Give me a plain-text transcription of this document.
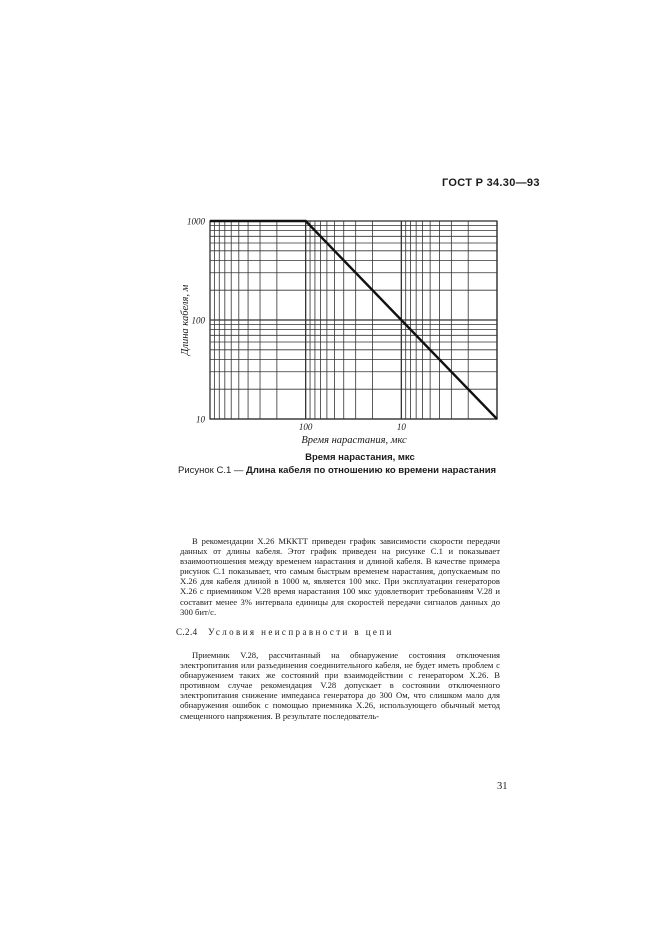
ГОСТ Р 34.30—93
1000
100
10
100	10
Время нарастания, мкс
Длина кабеля, м
Время нарастания, мкс
Рисунок С.1 — Длина кабеля по отношению ко времени нарастания
В рекомендации X.26 МККТТ приведен график зависимости скорости передачи данных от длины кабеля. Этот график приведен на рисунке С.1 и показывает взаимоотношения между временем нарастания и длиной кабеля. В качестве примера рисунок С.1 показывает, что самым быстрым временем нарастания, допускаемым по X.26 для кабеля длиной в 1000 м, является 100 мкс. При эксплуатации генераторов X.26 с приемником V.28 время нарастания 100 мкс удовлетворит требованиям V.28 и составит менее 3% интервала единицы для скоростей передачи сигналов данных до 300 бит/с.
С.2.4 Условия неисправности в цепи
Приемник V.28, рассчитанный на обнаружение состояния отключения электропитания или разъединения соединительного кабеля, не будет иметь проблем с обнаружением таких же состояний при взаимодействии с генератором X.26. В противном случае рекомендация V.28 допускает в состоянии отключенного электропитания снижение импеданса генератора до 300 Ом, что слишком мало для обнаружения ошибок с помощью приемника X.26, использующего обычный метод смещенного напряжения. В результате последователь-
31
